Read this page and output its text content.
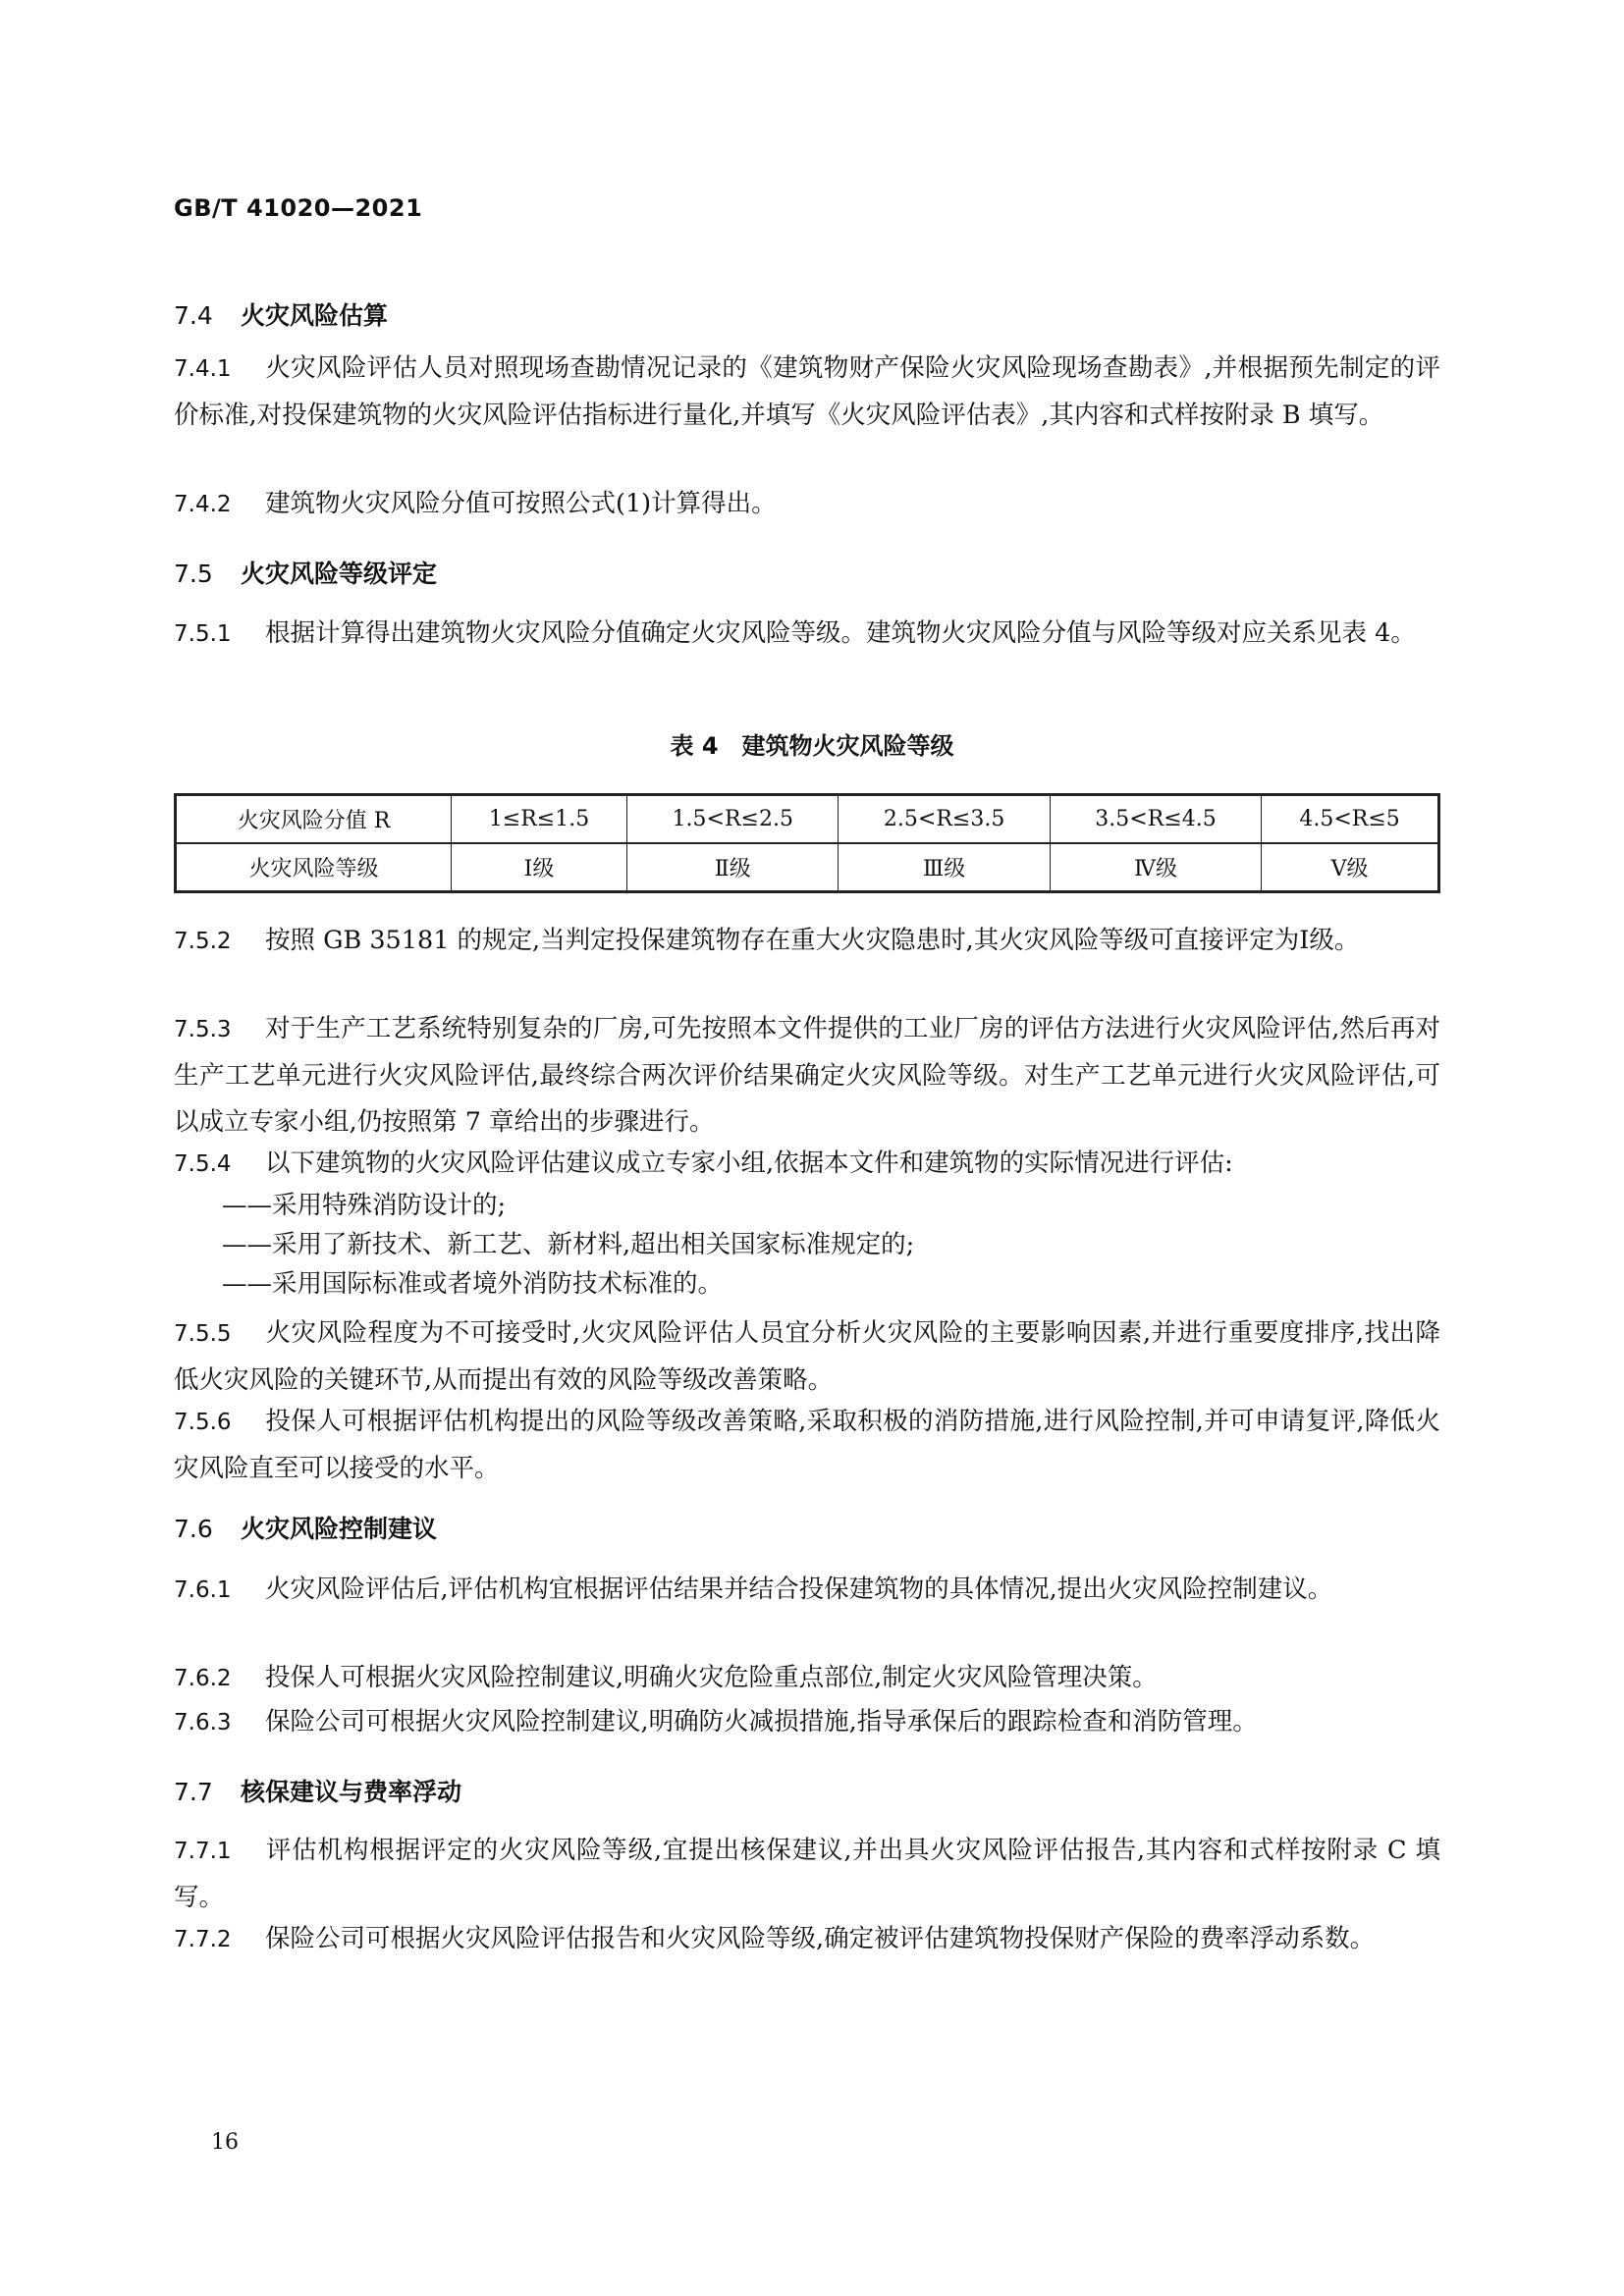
GB/T 41020—2021
7.4 火灾风险估算
7.4.1 火灾风险评估人员对照现场查勘情况记录的《建筑物财产保险火灾风险现场查勘表》,并根据预先制定的评价标准,对投保建筑物的火灾风险评估指标进行量化,并填写《火灾风险评估表》,其内容和式样按附录 B 填写。
7.4.2 建筑物火灾风险分值可按照公式(1)计算得出。
7.5 火灾风险等级评定
7.5.1 根据计算得出建筑物火灾风险分值确定火灾风险等级。建筑物火灾风险分值与风险等级对应关系见表 4。
表 4　建筑物火灾风险等级
火灾风险分值 R	1≤R≤1.5	1.5<R≤2.5	2.5<R≤3.5	3.5<R≤4.5	4.5<R≤5
火灾风险等级	Ⅰ级	Ⅱ级	Ⅲ级	Ⅳ级	Ⅴ级
7.5.2 按照 GB 35181 的规定,当判定投保建筑物存在重大火灾隐患时,其火灾风险等级可直接评定为Ⅰ级。
7.5.3 对于生产工艺系统特别复杂的厂房,可先按照本文件提供的工业厂房的评估方法进行火灾风险评估,然后再对生产工艺单元进行火灾风险评估,最终综合两次评价结果确定火灾风险等级。对生产工艺单元进行火灾风险评估,可以成立专家小组,仍按照第 7 章给出的步骤进行。
7.5.4 以下建筑物的火灾风险评估建议成立专家小组,依据本文件和建筑物的实际情况进行评估:
——采用特殊消防设计的;
——采用了新技术、新工艺、新材料,超出相关国家标准规定的;
——采用国际标准或者境外消防技术标准的。
7.5.5 火灾风险程度为不可接受时,火灾风险评估人员宜分析火灾风险的主要影响因素,并进行重要度排序,找出降低火灾风险的关键环节,从而提出有效的风险等级改善策略。
7.5.6 投保人可根据评估机构提出的风险等级改善策略,采取积极的消防措施,进行风险控制,并可申请复评,降低火灾风险直至可以接受的水平。
7.6 火灾风险控制建议
7.6.1 火灾风险评估后,评估机构宜根据评估结果并结合投保建筑物的具体情况,提出火灾风险控制建议。
7.6.2 投保人可根据火灾风险控制建议,明确火灾危险重点部位,制定火灾风险管理决策。
7.6.3 保险公司可根据火灾风险控制建议,明确防火减损措施,指导承保后的跟踪检查和消防管理。
7.7 核保建议与费率浮动
7.7.1 评估机构根据评定的火灾风险等级,宜提出核保建议,并出具火灾风险评估报告,其内容和式样按附录 C 填写。
7.7.2 保险公司可根据火灾风险评估报告和火灾风险等级,确定被评估建筑物投保财产保险的费率浮动系数。
16
